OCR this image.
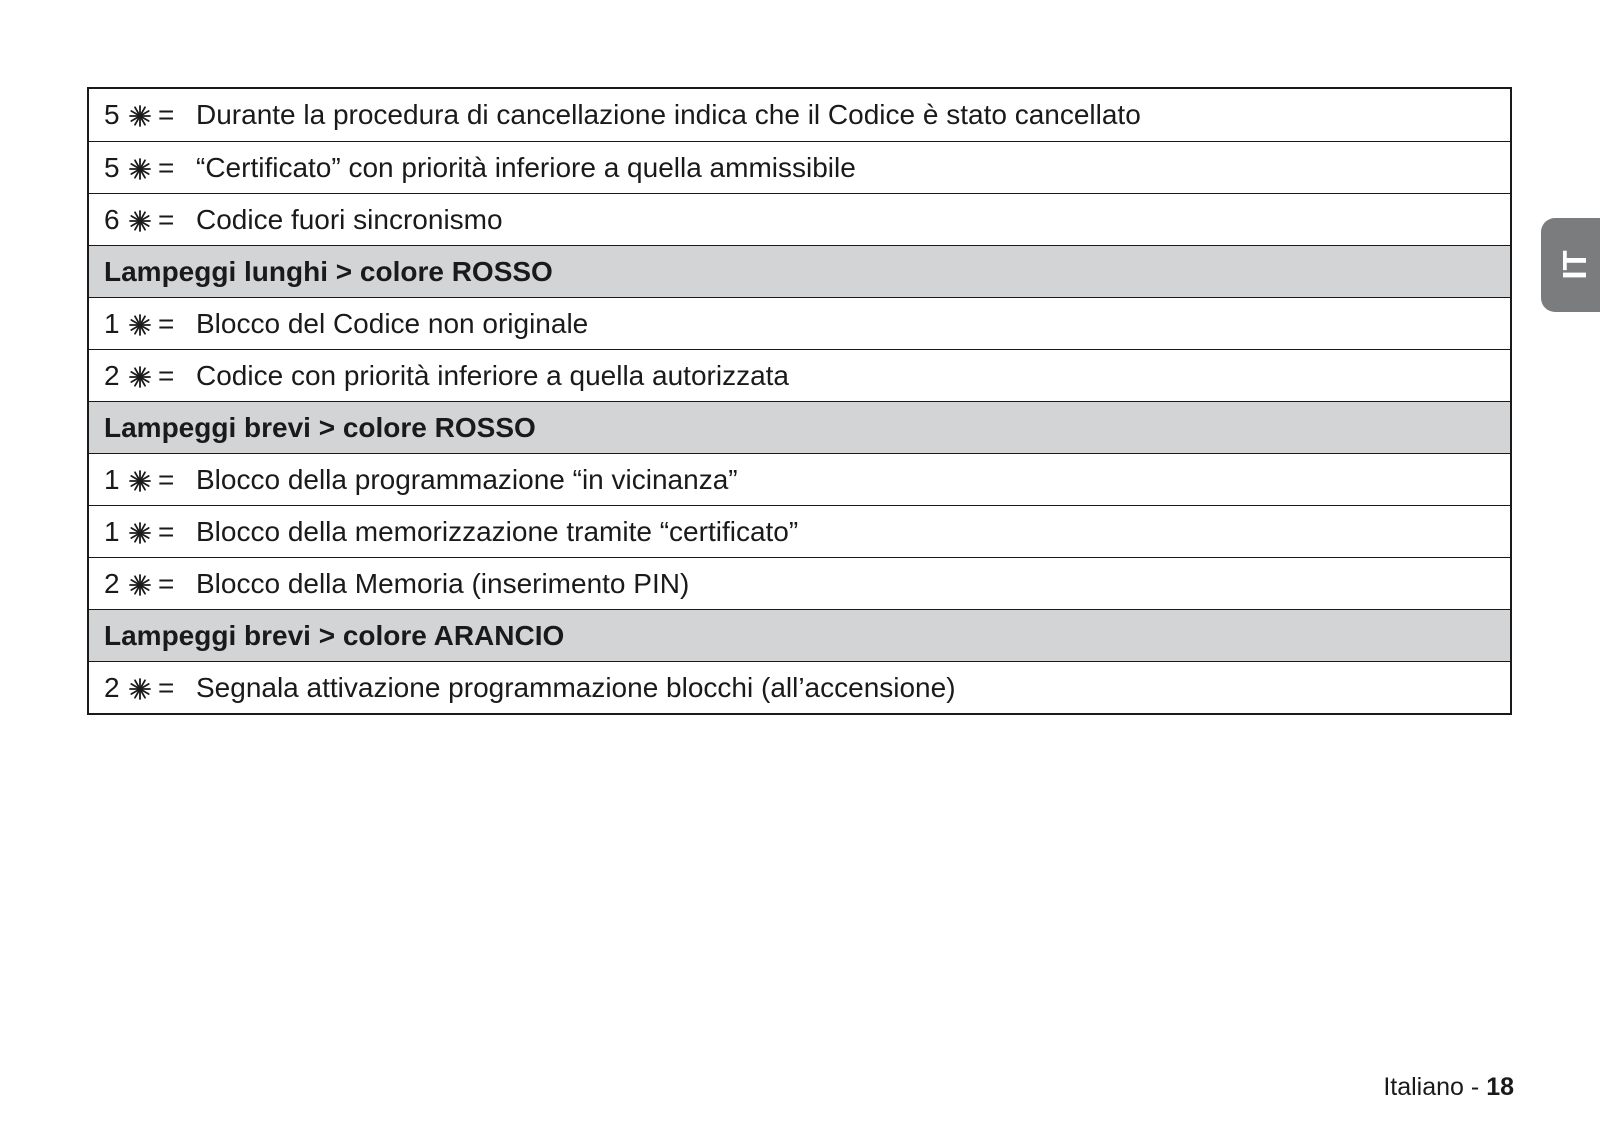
5 = Durante la procedura di cancellazione indica che il Codice è stato cancellato
5 = “Certificato” con priorità inferiore a quella ammissibile
6 = Codice fuori sincronismo
Lampeggi lunghi > colore ROSSO
1 = Blocco del Codice non originale
2 = Codice con priorità inferiore a quella autorizzata
Lampeggi brevi > colore ROSSO
1 = Blocco della programmazione “in vicinanza”
1 = Blocco della memorizzazione tramite “certificato”
2 = Blocco della Memoria (inserimento PIN)
Lampeggi brevi > colore ARANCIO
2 = Segnala attivazione programmazione blocchi (all’accensione)
IT
Italiano - 18
